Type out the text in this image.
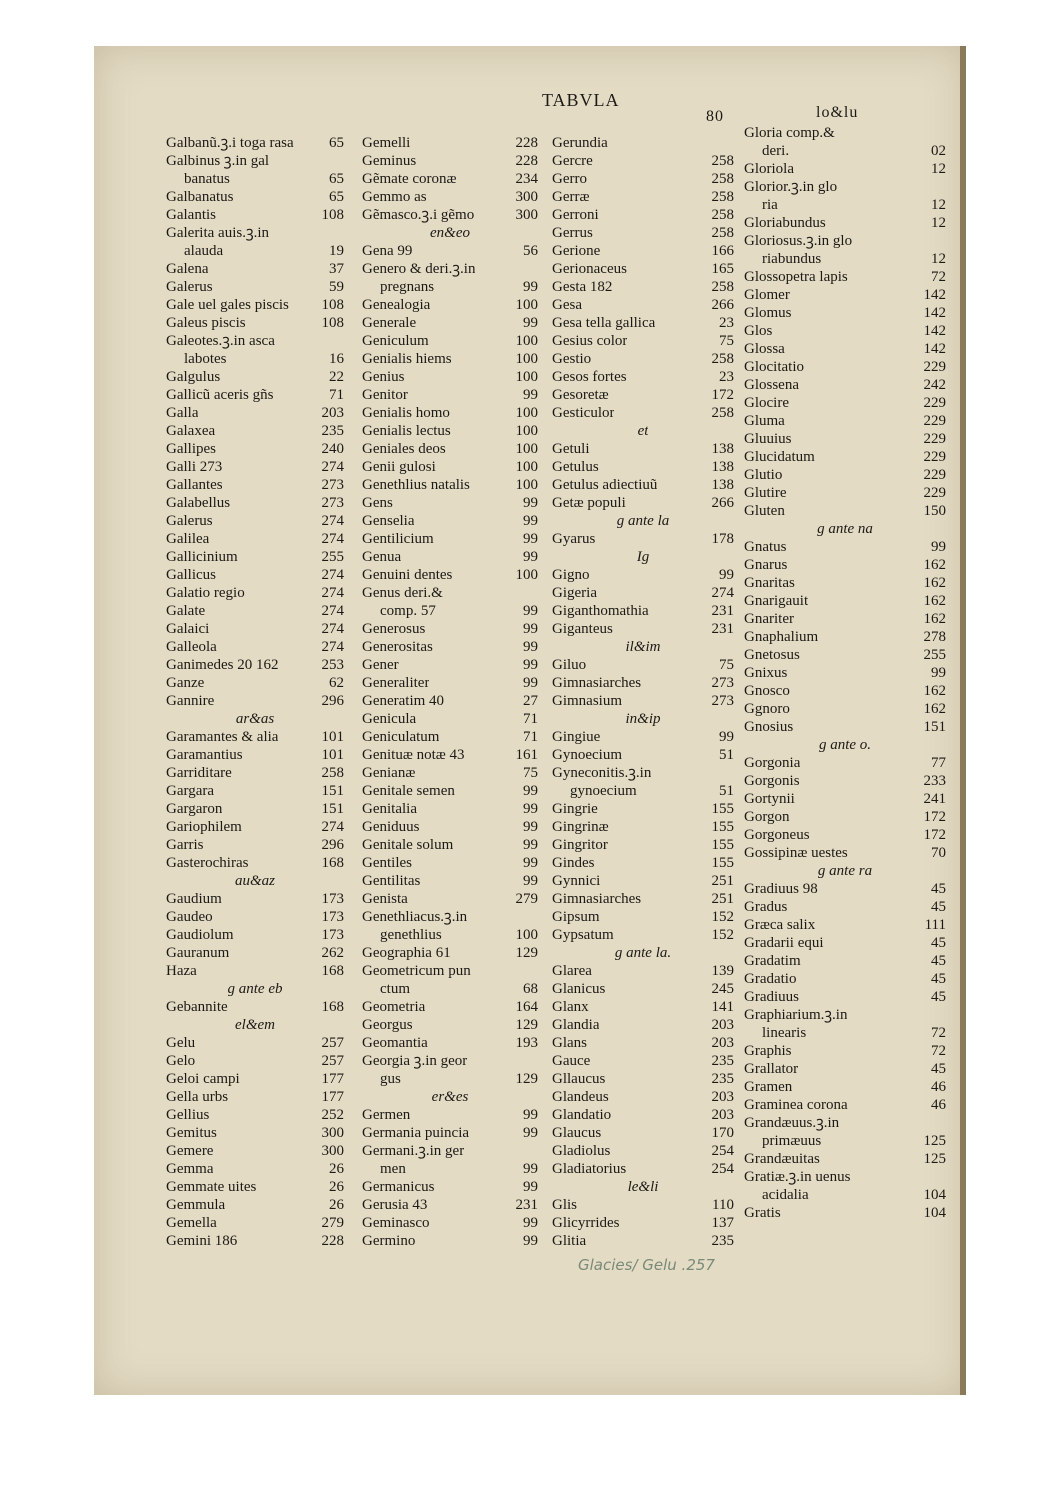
TABVLA
80	lo&lu
Galbanũ.ꝫ.i toga rasa 65
Galbinus ꝫ.in gal
banatus	65
Galbanatus	65
Galantis	108
Galerita auis.ꝫ.in
alauda	19
Galena	37
Galerus	59
Gale uel gales piscis 108
Galeus piscis	108
Galeotes.ꝫ.in asca
labotes	16
Galgulus	22
Gallicũ aceris gñs	71
Galla	203
Galaxea	235
Gallipes	240
Galli 273	274
Gallantes	273
Galabellus	273
Galerus	274
Galilea	274
Gallicinium	255
Gallicus	274
Galatio regio	274
Galate	274
Galaici	274
Galleola	274
Ganimedes 20 162	253
Ganze	62
Gannire	296
ar&as
Garamantes & alia	101
Garamantius	101
Garriditare	258
Gargara	151
Gargaron	151
Gariophilem	274
Garris	296
Gasterochiras	168
au&az
Gaudium	173
Gaudeo	173
Gaudiolum	173
Gauranum	262
Haza	168
g ante eb
Gebannite	168
el&em
Gelu	257
Gelo	257
Geloi campi	177
Gella urbs	177
Gellius	252
Gemitus	300
Gemere	300
Gemma	26
Gemmate uites	26
Gemmula	26
Gemella	279
Gemini 186	228
Gemelli	228
Geminus	228
Gẽmate coronæ	234
Gemmo as	300
Gẽmasco.ꝫ.i gẽmo	300
en&eo
Gena 99	56
Genero & deri.ꝫ.in
pregnans	99
Genealogia	100
Generale	99
Geniculum	100
Genialis hiems	100
Genius	100
Genitor	99
Genialis homo	100
Genialis lectus	100
Geniales deos	100
Genii gulosi	100
Genethlius natalis	100
Gens	99
Genselia	99
Gentilicium	99
Genua	99
Genuini dentes	100
Genus deri.&
comp. 57	99
Generosus	99
Generositas	99
Gener	99
Generaliter	99
Generatim 40	27
Genicula	71
Geniculatum	71
Genituæ notæ 43	161
Genianæ	75
Genitale semen	99
Genitalia	99
Geniduus	99
Genitale solum	99
Gentiles	99
Gentilitas	99
Genista	279
Genethliacus.ꝫ.in
genethlius	100
Geographia 61	129
Geometricum pun
ctum	68
Geometria	164
Georgus	129
Geomantia	193
Georgia ꝫ.in geor
gus	129
er&es
Germen	99
Germania puincia	99
Germani.ꝫ.in ger
men	99
Germanicus	99
Gerusia 43	231
Geminasco	99
Germino	99
Gerundia
Gercre	258
Gerro	258
Gerræ	258
Gerroni	258
Gerrus	258
Gerione	166
Gerionaceus	165
Gesta 182	258
Gesa	266
Gesa tella gallica	23
Gesius color	75
Gestio	258
Gesos fortes	23
Gesoretæ	172
Gesticulor	258
et
Getuli	138
Getulus	138
Getulus adiectiuũ	138
Getæ populi	266
g ante la
Gyarus	178
Ig
Gigno	99
Gigeria	274
Giganthomathia	231
Giganteus	231
il&im
Giluo	75
Gimnasiarches	273
Gimnasium	273
in&ip
Gingiue	99
Gynoecium	51
Gyneconitis.ꝫ.in
gynoecium	51
Gingrie	155
Gingrinæ	155
Gingritor	155
Gindes	155
Gynnici	251
Gimnasiarches	251
Gipsum	152
Gypsatum	152
g ante la.
Glarea	139
Glanicus	245
Glanx	141
Glandia	203
Glans	203
Gauce	235
Gllaucus	235
Glandeus	203
Glandatio	203
Glaucus	170
Gladiolus	254
Gladiatorius	254
le&li
Glis	110
Glicyrrides	137
Glitia	235
Gloria comp.&
deri.	02
Gloriola	12
Glorior.ꝫ.in glo
ria	12
Gloriabundus	12
Gloriosus.ꝫ.in glo
riabundus	12
Glossopetra lapis	72
Glomer	142
Glomus	142
Glos	142
Glossa	142
Glocitatio	229
Glossena	242
Glocire	229
Gluma	229
Gluuius	229
Glucidatum	229
Glutio	229
Glutire	229
Gluten	150
g ante na
Gnatus	99
Gnarus	162
Gnaritas	162
Gnarigauit	162
Gnariter	162
Gnaphalium	278
Gnetosus	255
Gnixus	99
Gnosco	162
Ggnoro	162
Gnosius	151
g ante o.
Gorgonia	77
Gorgonis	233
Gortynii	241
Gorgon	172
Gorgoneus	172
Gossipinæ uestes	70
g ante ra
Gradiuus 98	45
Gradus	45
Græca salix	111
Gradarii equi	45
Gradatim	45
Gradatio	45
Gradiuus	45
Graphiarium.ꝫ.in
linearis	72
Graphis	72
Grallator	45
Gramen	46
Graminea corona	46
Grandæuus.ꝫ.in
primæuus	125
Grandæuitas	125
Gratiæ.ꝫ.in uenus
acidalia	104
Gratis	104
Glacies/ Gelu .257
